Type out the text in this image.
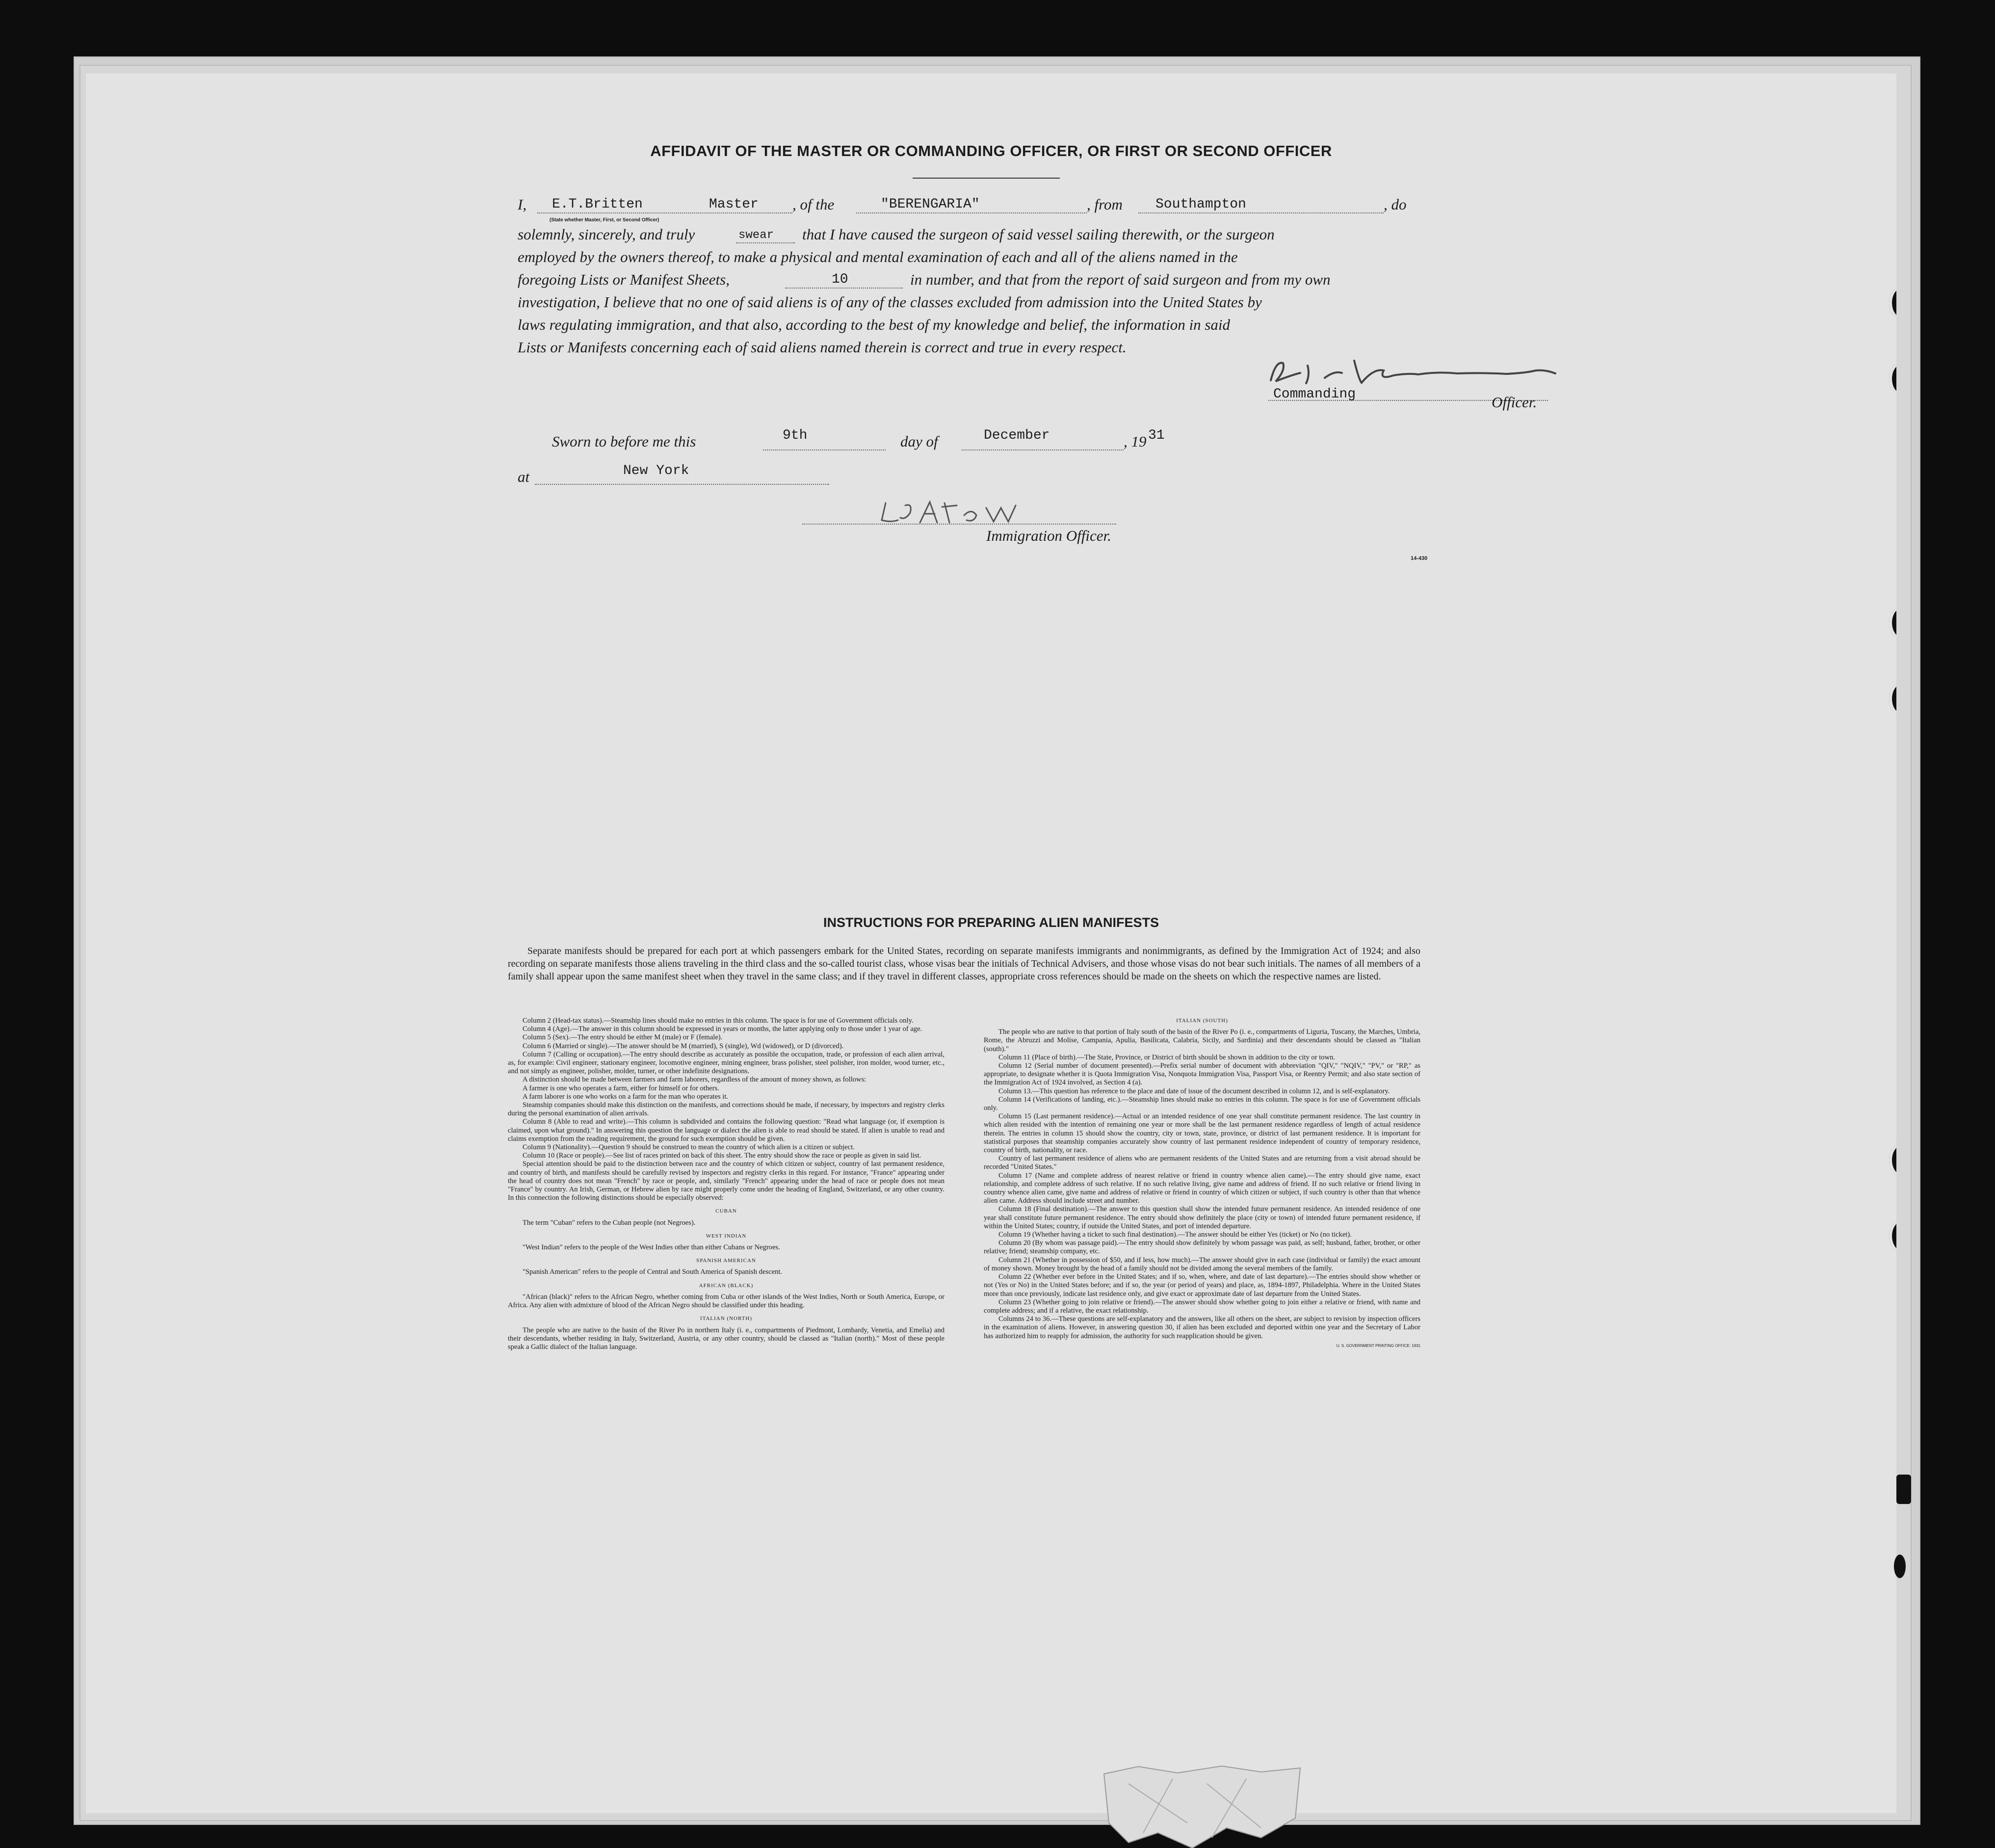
AFFIDAVIT OF THE MASTER OR COMMANDING OFFICER, OR FIRST OR SECOND OFFICER
I, E.T.Britten	Master , of the	"BERENGARIA"	, from Southampton	, do
(State whether Master, First, or Second Officer)
solemnly, sincerely, and truly	swear that I have caused the surgeon of said vessel sailing therewith, or the surgeon
employed by the owners thereof, to make a physical and mental examination of each and all of the aliens named in the
foregoing Lists or Manifest Sheets,	10	in number, and that from the report of said surgeon and from my own
investigation, I believe that no one of said aliens is of any of the classes excluded from admission into the United States by
laws regulating immigration, and that also, according to the best of my knowledge and belief, the information in said
Lists or Manifests concerning each of said aliens named therein is correct and true in every respect.
Commanding	Officer.
Sworn to before me this	9th	day of	December	, 19 31
at	New York
Immigration Officer.
14-430
INSTRUCTIONS FOR PREPARING ALIEN MANIFESTS
Separate manifests should be prepared for each port at which passengers embark for the United States, recording on separate manifests immigrants and nonimmigrants, as defined by the Immigration Act of 1924; and also recording on separate manifests those aliens traveling in the third class and the so-called tourist class, whose visas bear the initials of Technical Advisers, and those whose visas do not bear such initials. The names of all members of a family shall appear upon the same manifest sheet when they travel in the same class; and if they travel in different classes, appropriate cross references should be made on the sheets on which the respective names are listed.

Column 2 (Head-tax status).—Steamship lines should make no entries in this column. The space is for use of Government officials only.

Column 4 (Age).—The answer in this column should be expressed in years or months, the latter applying only to those under 1 year of age.

Column 5 (Sex).—The entry should be either M (male) or F (female).

Column 6 (Married or single).—The answer should be M (married), S (single), Wd (widowed), or D (divorced).

Column 7 (Calling or occupation).—The entry should describe as accurately as possible the occupation, trade, or profession of each alien arrival, as, for example: Civil engineer, stationary engineer, locomotive engineer, mining engineer, brass polisher, steel polisher, iron molder, wood turner, etc., and not simply as engineer, polisher, molder, turner, or other indefinite designations.

A distinction should be made between farmers and farm laborers, regardless of the amount of money shown, as follows:

A farmer is one who operates a farm, either for himself or for others.

A farm laborer is one who works on a farm for the man who operates it.

Steamship companies should make this distinction on the manifests, and corrections should be made, if necessary, by inspectors and registry clerks during the personal examination of alien arrivals.

Column 8 (Able to read and write).—This column is subdivided and contains the following question: "Read what language (or, if exemption is claimed, upon what ground)." In answering this question the language or dialect the alien is able to read should be stated. If alien is unable to read and claims exemption from the reading requirement, the ground for such exemption should be given.

Column 9 (Nationality).—Question 9 should be construed to mean the country of which alien is a citizen or subject.

Column 10 (Race or people).—See list of races printed on back of this sheet. The entry should show the race or people as given in said list.

Special attention should be paid to the distinction between race and the country of which citizen or subject, country of last permanent residence, and country of birth, and manifests should be carefully revised by inspectors and registry clerks in this regard. For instance, "France" appearing under the head of country does not mean "French" by race or people, and, similarly "French" appearing under the head of race or people does not mean "France" by country. An Irish, German, or Hebrew alien by race might properly come under the heading of England, Switzerland, or any other country. In this connection the following distinctions should be especially observed:

CUBAN

The term "Cuban" refers to the Cuban people (not Negroes).

WEST INDIAN

"West Indian" refers to the people of the West Indies other than either Cubans or Negroes.

SPANISH AMERICAN

"Spanish American" refers to the people of Central and South America of Spanish descent.

AFRICAN (BLACK)

"African (black)" refers to the African Negro, whether coming from Cuba or other islands of the West Indies, North or South America, Europe, or Africa. Any alien with admixture of blood of the African Negro should be classified under this heading.

ITALIAN (NORTH)

The people who are native to the basin of the River Po in northern Italy (i. e., compartments of Piedmont, Lombardy, Venetia, and Emelia) and their descendants, whether residing in Italy, Switzerland, Austria, or any other country, should be classed as "Italian (north)." Most of these people speak a Gallic dialect of the Italian language.

ITALIAN (SOUTH)

The people who are native to that portion of Italy south of the basin of the River Po (i. e., compartments of Liguria, Tuscany, the Marches, Umbria, Rome, the Abruzzi and Molise, Campania, Apulia, Basilicata, Calabria, Sicily, and Sardinia) and their descendants should be classed as "Italian (south)."

Column 11 (Place of birth).—The State, Province, or District of birth should be shown in addition to the city or town.

Column 12 (Serial number of document presented).—Prefix serial number of document with abbreviation "QIV," "NQIV," "PV," or "RP," as appropriate, to designate whether it is Quota Immigration Visa, Nonquota Immigration Visa, Passport Visa, or Reentry Permit; and also state section of the Immigration Act of 1924 involved, as Section 4 (a).

Column 13.—This question has reference to the place and date of issue of the document described in column 12, and is self-explanatory.

Column 14 (Verifications of landing, etc.).—Steamship lines should make no entries in this column. The space is for use of Government officials only.

Column 15 (Last permanent residence).—Actual or an intended residence of one year shall constitute permanent residence. The last country in which alien resided with the intention of remaining one year or more shall be the last permanent residence regardless of length of actual residence therein. The entries in column 15 should show the country, city or town, state, province, or district of last permanent residence. It is important for statistical purposes that steamship companies accurately show country of last permanent residence independent of country of temporary residence, country of birth, nationality, or race.

Country of last permanent residence of aliens who are permanent residents of the United States and are returning from a visit abroad should be recorded "United States."

Column 17 (Name and complete address of nearest relative or friend in country whence alien came).—The entry should give name, exact relationship, and complete address of such relative. If no such relative living, give name and address of friend. If no such relative or friend living in country whence alien came, give name and address of relative or friend in country of which citizen or subject, if such country is other than that whence alien came. Address should include street and number.

Column 18 (Final destination).—The answer to this question shall show the intended future permanent residence. An intended residence of one year shall constitute future permanent residence. The entry should show definitely the place (city or town) of intended future permanent residence, if within the United States; country, if outside the United States, and port of intended departure.

Column 19 (Whether having a ticket to such final destination).—The answer should be either Yes (ticket) or No (no ticket).

Column 20 (By whom was passage paid).—The entry should show definitely by whom passage was paid, as self; husband, father, brother, or other relative; friend; steamship company, etc.

Column 21 (Whether in possession of $50, and if less, how much).—The answer should give in each case (individual or family) the exact amount of money shown. Money brought by the head of a family should not be divided among the several members of the family.

Column 22 (Whether ever before in the United States; and if so, when, where, and date of last departure).—The entries should show whether or not (Yes or No) in the United States before; and if so, the year (or period of years) and place, as, 1894-1897, Philadelphia. Where in the United States more than once previously, indicate last residence only, and give exact or approximate date of last departure from the United States.

Column 23 (Whether going to join relative or friend).—The answer should show whether going to join either a relative or friend, with name and complete address; and if a relative, the exact relationship.

Columns 24 to 36.—These questions are self-explanatory and the answers, like all others on the sheet, are subject to revision by inspection officers in the examination of aliens. However, in answering question 30, if alien has been excluded and deported within one year and the Secretary of Labor has authorized him to reapply for admission, the authority for such reapplication should be given.

U. S. GOVERNMENT PRINTING OFFICE: 1931
